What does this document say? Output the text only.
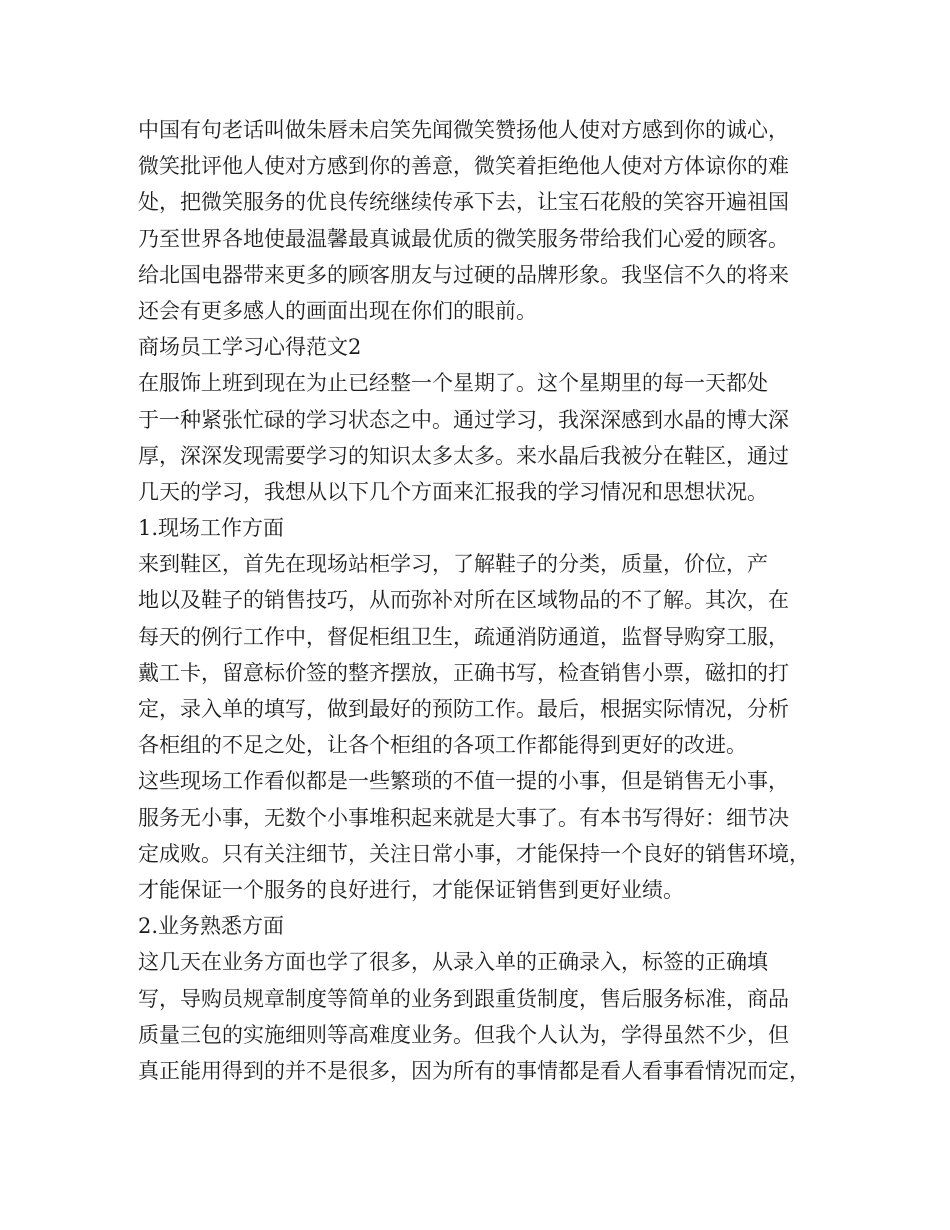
中国有句老话叫做朱唇未启笑先闻微笑赞扬他人使对方感到你的诚心，
微笑批评他人使对方感到你的善意，微笑着拒绝他人使对方体谅你的难
处，把微笑服务的优良传统继续传承下去，让宝石花般的笑容开遍祖国
乃至世界各地使最温馨最真诚最优质的微笑服务带给我们心爱的顾客。
给北国电器带来更多的顾客朋友与过硬的品牌形象。我坚信不久的将来
还会有更多感人的画面出现在你们的眼前。
商场员工学习心得范文2
在服饰上班到现在为止已经整一个星期了。这个星期里的每一天都处
于一种紧张忙碌的学习状态之中。通过学习，我深深感到水晶的博大深
厚，深深发现需要学习的知识太多太多。来水晶后我被分在鞋区，通过
几天的学习，我想从以下几个方面来汇报我的学习情况和思想状况。
1.现场工作方面
来到鞋区，首先在现场站柜学习，了解鞋子的分类，质量，价位，产
地以及鞋子的销售技巧，从而弥补对所在区域物品的不了解。其次，在
每天的例行工作中，督促柜组卫生，疏通消防通道，监督导购穿工服，
戴工卡，留意标价签的整齐摆放，正确书写，检查销售小票，磁扣的打
定，录入单的填写，做到最好的预防工作。最后，根据实际情况，分析
各柜组的不足之处，让各个柜组的各项工作都能得到更好的改进。
这些现场工作看似都是一些繁琐的不值一提的小事，但是销售无小事，
服务无小事，无数个小事堆积起来就是大事了。有本书写得好：细节决
定成败。只有关注细节，关注日常小事，才能保持一个良好的销售环境，
才能保证一个服务的良好进行，才能保证销售到更好业绩。
2.业务熟悉方面
这几天在业务方面也学了很多，从录入单的正确录入，标签的正确填
写，导购员规章制度等简单的业务到跟重货制度，售后服务标准，商品
质量三包的实施细则等高难度业务。但我个人认为，学得虽然不少，但
真正能用得到的并不是很多，因为所有的事情都是看人看事看情况而定，
